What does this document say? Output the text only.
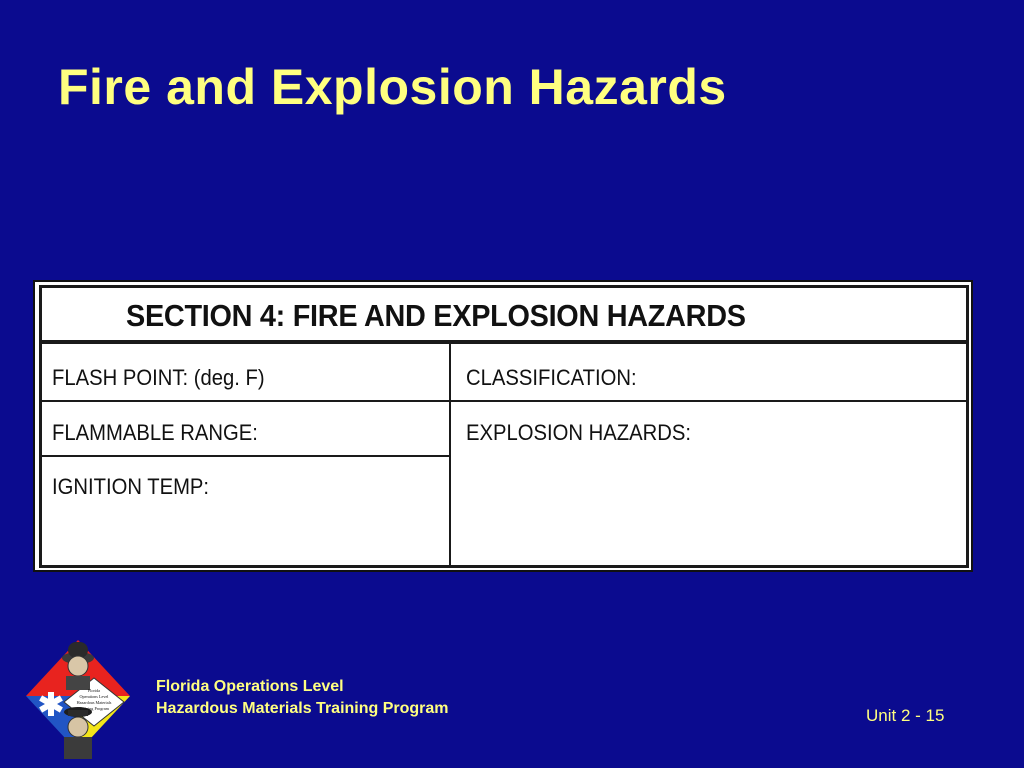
Fire and Explosion Hazards
SECTION 4: FIRE AND EXPLOSION HAZARDS
FLASH POINT: (deg. F)
FLAMMABLE RANGE:
IGNITION TEMP:
CLASSIFICATION:
EXPLOSION HAZARDS:
Florida
Operations Level
Hazardous Materials
Training Program
Florida Operations Level
Hazardous Materials Training Program	Unit 2 - 15
